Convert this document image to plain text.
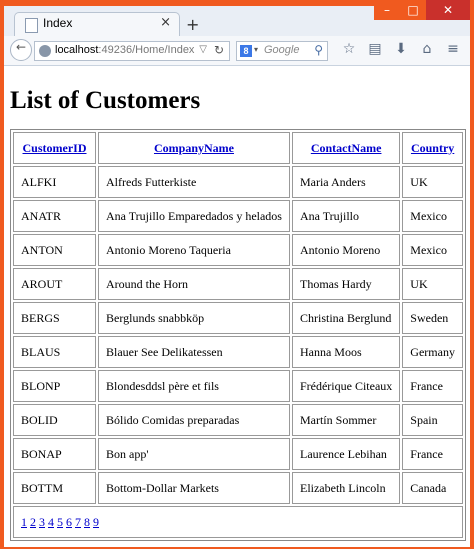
Index	× +
–	□	✕
←	localhost:49236/Home/Index ▽ ↻	8 ▾ Google ⚲	☆ ▤ ⬇	⌂	≡
List of Customers
CustomerID	CompanyName	ContactName	Country
ALFKI	Alfreds Futterkiste	Maria Anders	UK
ANATR	Ana Trujillo Emparedados y helados	Ana Trujillo	Mexico
ANTON	Antonio Moreno Taqueria	Antonio Moreno	Mexico
AROUT	Around the Horn	Thomas Hardy	UK
BERGS	Berglunds snabbköp	Christina Berglund	Sweden
BLAUS	Blauer See Delikatessen	Hanna Moos	Germany
BLONP	Blondesddsl père et fils	Frédérique Citeaux	France
BOLID	Bólido Comidas preparadas	Martín Sommer	Spain
BONAP	Bon app'	Laurence Lebihan	France
BOTTM	Bottom-Dollar Markets	Elizabeth Lincoln	Canada
1 2 3 4 5 6 7 8 9			
